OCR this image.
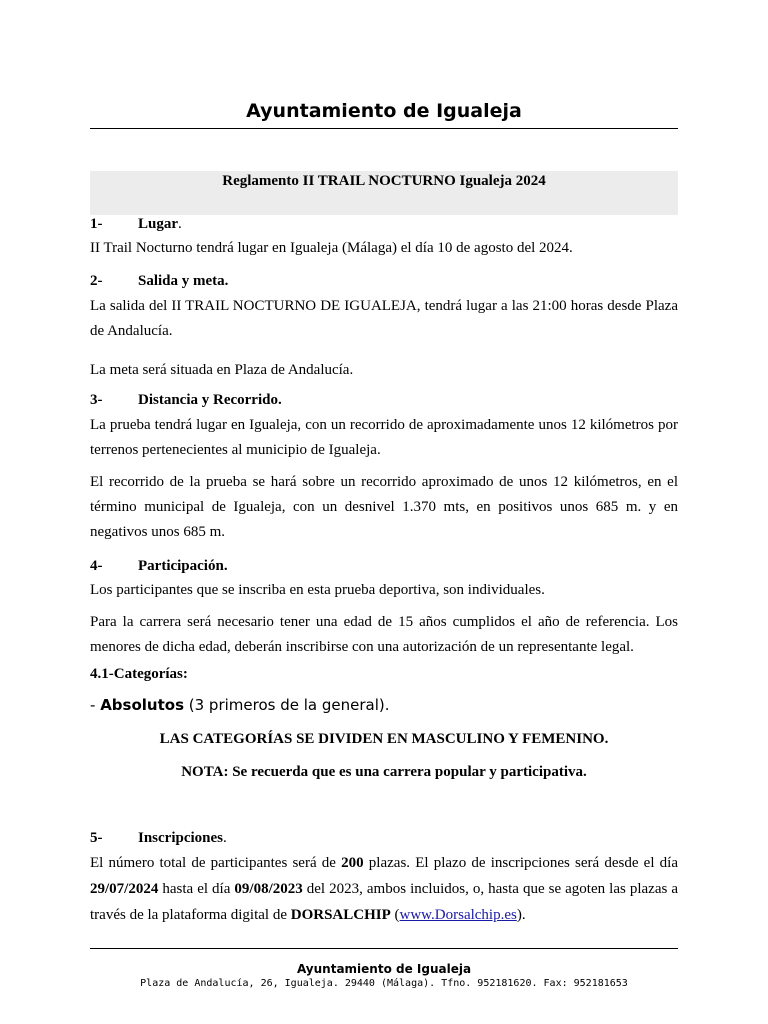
Ayuntamiento de Igualeja
Reglamento II TRAIL NOCTURNO Igualeja 2024
1- Lugar.
II Trail Nocturno tendrá lugar en Igualeja (Málaga) el día 10 de agosto del 2024.
2- Salida y meta.
La salida del II TRAIL NOCTURNO DE IGUALEJA, tendrá lugar a las 21:00 horas desde Plaza de Andalucía.
La meta será situada en Plaza de Andalucía.
3- Distancia y Recorrido.
La prueba tendrá lugar en Igualeja, con un recorrido de aproximadamente unos 12 kilómetros por terrenos pertenecientes al municipio de Igualeja.
El recorrido de la prueba se hará sobre un recorrido aproximado de unos 12 kilómetros, en el término municipal de Igualeja, con un desnivel 1.370 mts, en positivos unos 685 m. y en negativos unos 685 m.
4- Participación.
Los participantes que se inscriba en esta prueba deportiva, son individuales.
Para la carrera será necesario tener una edad de 15 años cumplidos el año de referencia. Los menores de dicha edad, deberán inscribirse con una autorización de un representante legal.
4.1-Categorías:
- Absolutos (3 primeros de la general).
LAS CATEGORÍAS SE DIVIDEN EN MASCULINO Y FEMENINO.
NOTA: Se recuerda que es una carrera popular y participativa.
5- Inscripciones.
El número total de participantes será de 200 plazas. El plazo de inscripciones será desde el día 29/07/2024 hasta el día 09/08/2023 del 2023, ambos incluidos, o, hasta que se agoten las plazas a través de la plataforma digital de DORSALCHIP (www.Dorsalchip.es).
Ayuntamiento de Igualeja
Plaza de Andalucía, 26, Igualeja. 29440 (Málaga). Tfno. 952181620. Fax: 952181653
